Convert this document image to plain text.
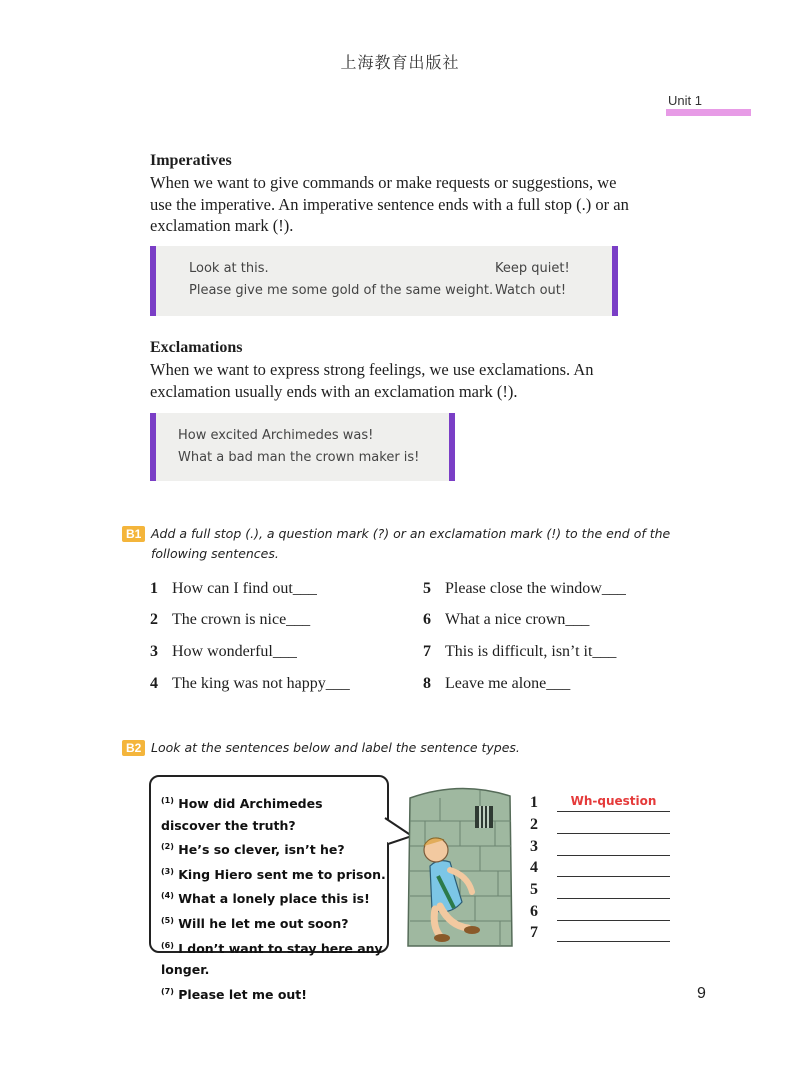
上海教育出版社
Unit 1
Imperatives
When we want to give commands or make requests or suggestions, we
use the imperative. An imperative sentence ends with a full stop (.) or an
exclamation mark (!).
Look at this.
Please give me some gold of the same weight.
Keep quiet!
Watch out!
Exclamations
When we want to express strong feelings, we use exclamations. An
exclamation usually ends with an exclamation mark (!).
How excited Archimedes was!
What a bad man the crown maker is!
B1 Add a full stop (.), a question mark (?) or an exclamation mark (!) to the end of the
following sentences.
1 How can I find out___
2 The crown is nice___
3 How wonderful___
4 The king was not happy___
5 Please close the window___
6 What a nice crown___
7 This is difficult, isn’t it___
8 Leave me alone___
B2 Look at the sentences below and label the sentence types.
$^{(1)}$ How did Archimedes discover the truth?
$^{(2)}$ He’s so clever, isn’t he?
$^{(3)}$ King Hiero sent me to prison.
$^{(4)}$ What a lonely place this is!
$^{(5)}$ Will he let me out soon?
$^{(6)}$ I don’t want to stay here any longer.
$^{(7)}$ Please let me out!
1	Wh-question
2
3
4
5
6
7
9
